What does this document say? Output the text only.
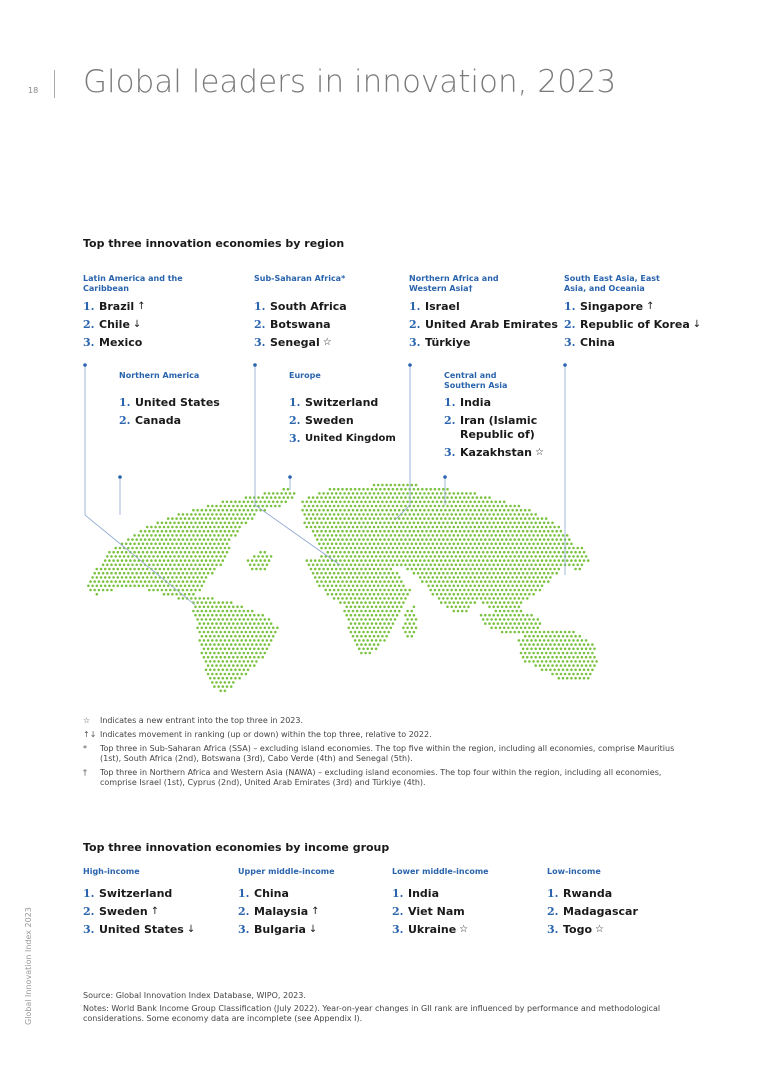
18 Global leaders in innovation, 2023
Global Innovation Index 2023
Top three innovation economies by region
Latin America and the Caribbean
1. Brazil ↑
2. Chile ↓
3. Mexico
Sub-Saharan Africa*
1. South Africa
2. Botswana
3. Senegal ☆
Northern Africa and Western Asia†
1. Israel
2. United Arab Emirates
3. Türkiye
South East Asia, East Asia, and Oceania
1. Singapore ↑
2. Republic of Korea ↓
3. China
Northern America
1. United States
2. Canada
Europe
1. Switzerland
2. Sweden
3. United Kingdom
Central and Southern Asia
1. India
2. Iran (Islamic Republic of)
3. Kazakhstan ☆
☆	Indicates a new entrant into the top three in 2023.
↑↓ Indicates movement in ranking (up or down) within the top three, relative to 2022.
*	Top three in Sub-Saharan Africa (SSA) – excluding island economies. The top five within the region, including all economies, comprise Mauritius (1st), South Africa (2nd), Botswana (3rd), Cabo Verde (4th) and Senegal (5th).
†	Top three in Northern Africa and Western Asia (NAWA) – excluding island economies. The top four within the region, including all economies, comprise Israel (1st), Cyprus (2nd), United Arab Emirates (3rd) and Türkiye (4th).
Top three innovation economies by income group
High-income
1. Switzerland
2. Sweden ↑
3. United States ↓
Upper middle-income
1. China
2. Malaysia ↑
3. Bulgaria ↓
Lower middle-income
1. India
2. Viet Nam
3. Ukraine ☆
Low-income
1. Rwanda
2. Madagascar
3. Togo ☆

Source: Global Innovation Index Database, WIPO, 2023.

Notes: World Bank Income Group Classification (July 2022). Year-on-year changes in GII rank are influenced by performance and methodological considerations. Some economy data are incomplete (see Appendix I).
